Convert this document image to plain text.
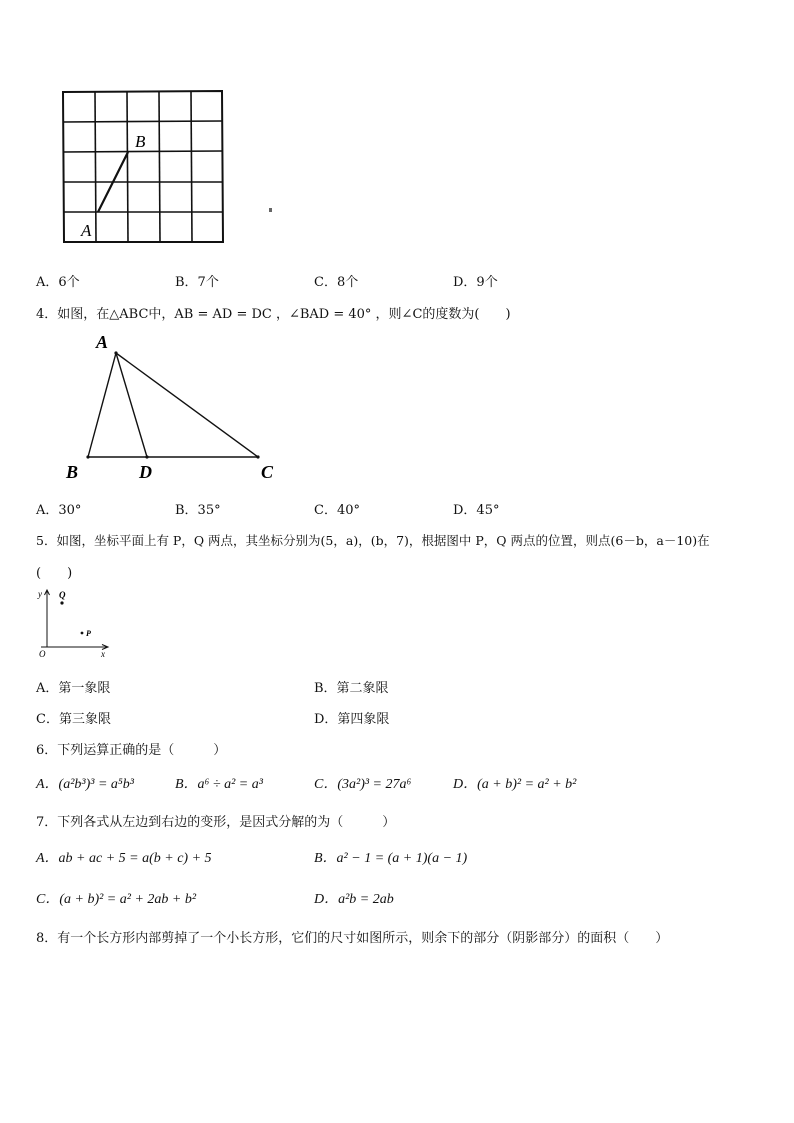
B
A
A．6个	B．7个	C．8个	D．9个
4．如图，在△ABC中，AB = AD = DC ，∠BAD = 40° ，则∠C的度数为(　　)
A
B	D	C
A．30°	B．35°	C．40°	D．45°
5．如图，坐标平面上有 P，Q 两点，其坐标分别为(5，a)，(b，7)，根据图中 P，Q 两点的位置，则点(6－b，a－10)在
(　　)
y Q
P
O	x
A．第一象限	B．第二象限
C．第三象限	D．第四象限
6．下列运算正确的是（　　　）
A．(a²b³)³ = a⁵b³	B．a⁶ ÷ a² = a³	C．(3a²)³ = 27a⁶	D．(a + b)² = a² + b²
7．下列各式从左边到右边的变形，是因式分解的为（　　　）
A．ab + ac + 5 = a(b + c) + 5	B．a² − 1 = (a + 1)(a − 1)
C．(a + b)² = a² + 2ab + b²	D．a²b = 2ab
8．有一个长方形内部剪掉了一个小长方形，它们的尺寸如图所示，则余下的部分（阴影部分）的面积（　　）
